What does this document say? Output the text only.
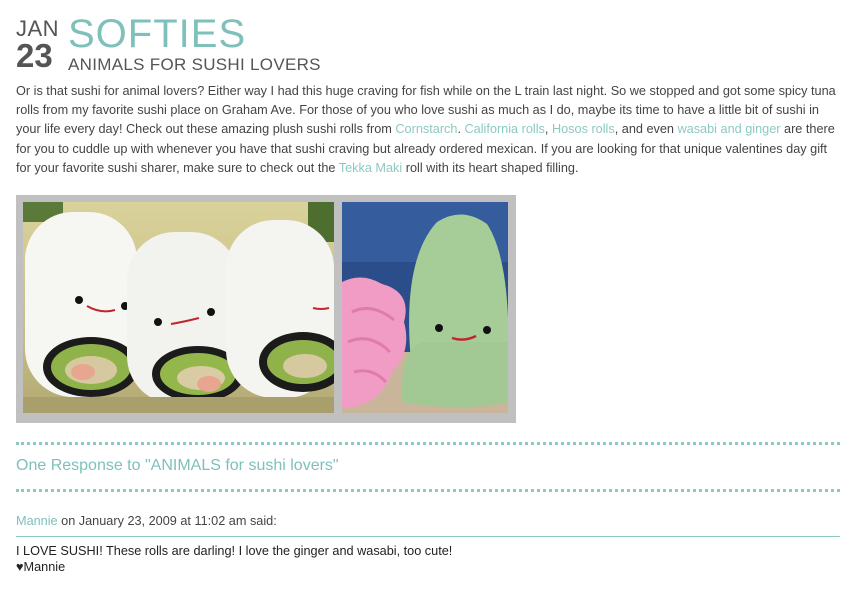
JAN
23 SOFTIES
ANIMALS FOR SUSHI LOVERS
Or is that sushi for animal lovers? Either way I had this huge craving for fish while on the L train last night. So we stopped and got some spicy tuna rolls from my favorite sushi place on Graham Ave. For those of you who love sushi as much as I do, maybe its time to have a little bit of sushi in your life every day! Check out these amazing plush sushi rolls from Cornstarch. California rolls, Hosos rolls, and even wasabi and ginger are there for you to cuddle up with whenever you have that sushi craving but already ordered mexican. If you are looking for that unique valentines day gift for your favorite sushi sharer, make sure to check out the Tekka Maki roll with its heart shaped filling.
One Response to "ANIMALS for sushi lovers"
Mannie on January 23, 2009 at 11:02 am said:
I LOVE SUSHI! These rolls are darling! I love the ginger and wasabi, too cute!
♥Mannie
